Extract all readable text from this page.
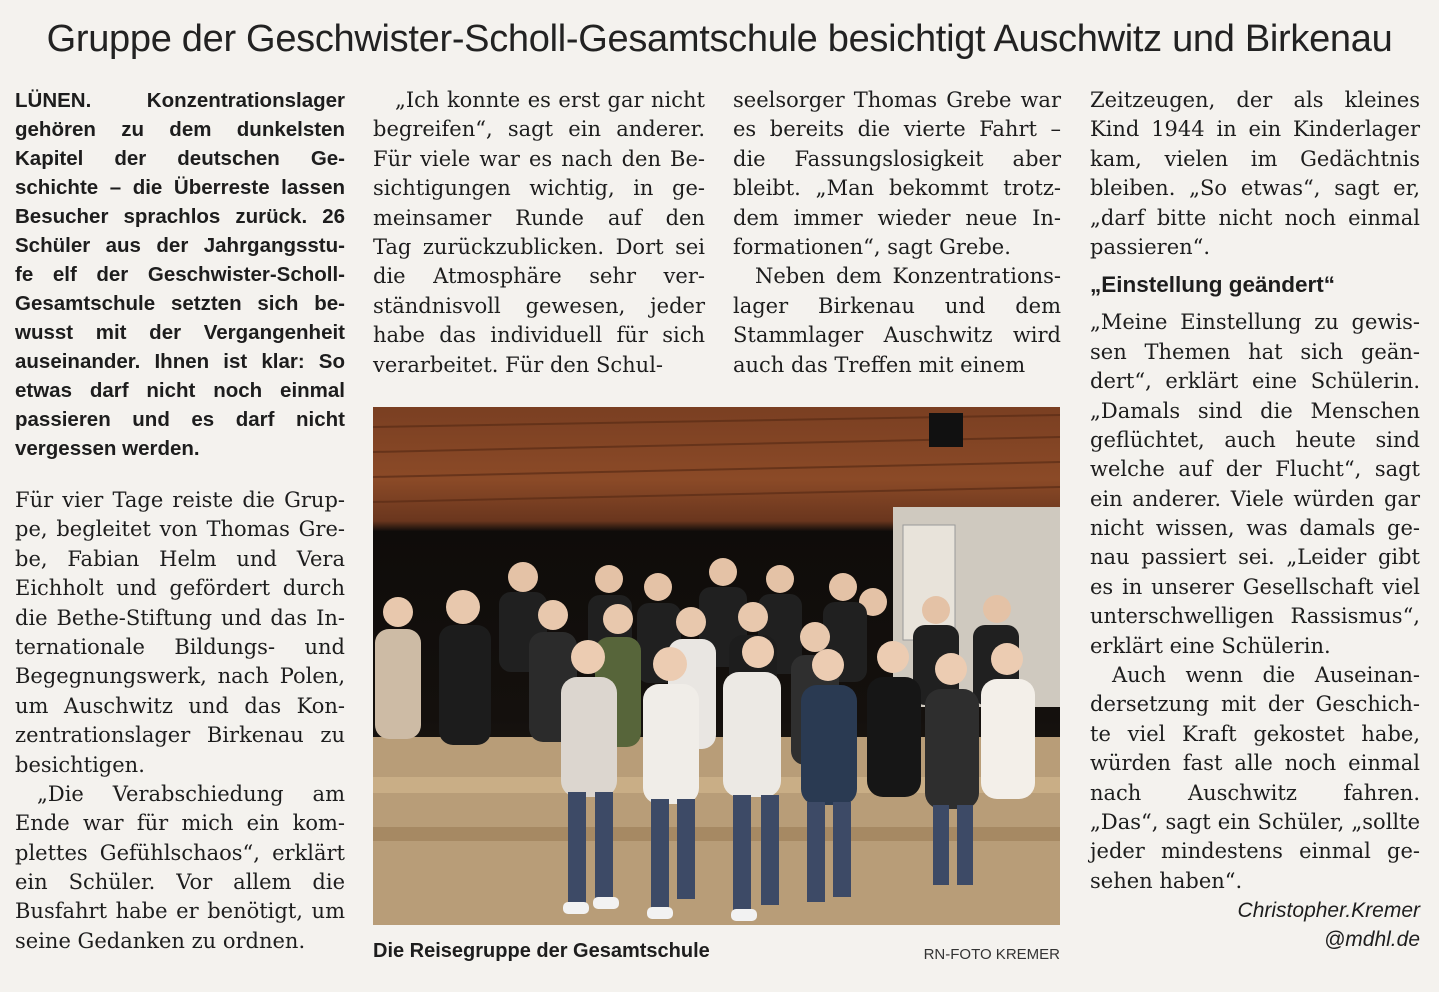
Gruppe der Geschwister-Scholl-Gesamtschule besichtigt Auschwitz und Birkenau
LÜNEN. Konzentrationslager
gehören zu dem dunkelsten
Kapitel der deutschen Ge-
schichte – die Überreste lassen
Besucher sprachlos zurück. 26
Schüler aus der Jahrgangsstu-
fe elf der Geschwister-Scholl-
Gesamtschule setzten sich be-
wusst mit der Vergangenheit
auseinander. Ihnen ist klar: So
etwas darf nicht noch einmal
passieren und es darf nicht
vergessen werden.
Für vier Tage reiste die Grup-
pe, begleitet von Thomas Gre-
be, Fabian Helm und Vera
Eichholt und gefördert durch
die Bethe-Stiftung und das In-
ternationale Bildungs- und
Begegnungswerk, nach Polen,
um Auschwitz und das Kon-
zentrationslager Birkenau zu
besichtigen.
„Die Verabschiedung am
Ende war für mich ein kom-
plettes Gefühlschaos“, erklärt
ein Schüler. Vor allem die
Busfahrt habe er benötigt, um
seine Gedanken zu ordnen.
„Ich konnte es erst gar nicht
begreifen“, sagt ein anderer.
Für viele war es nach den Be-
sichtigungen wichtig, in ge-
meinsamer Runde auf den
Tag zurückzublicken. Dort sei
die Atmosphäre sehr ver-
ständnisvoll gewesen, jeder
habe das individuell für sich
verarbeitet. Für den Schul-
seelsorger Thomas Grebe war
es bereits die vierte Fahrt –
die Fassungslosigkeit aber
bleibt. „Man bekommt trotz-
dem immer wieder neue In-
formationen“, sagt Grebe.
Neben dem Konzentrations-
lager Birkenau und dem
Stammlager Auschwitz wird
auch das Treffen mit einem
Zeitzeugen, der als kleines
Kind 1944 in ein Kinderlager
kam, vielen im Gedächtnis
bleiben. „So etwas“, sagt er,
„darf bitte nicht noch einmal
passieren“.
„Einstellung geändert“
„Meine Einstellung zu gewis-
sen Themen hat sich geän-
dert“, erklärt eine Schülerin.
„Damals sind die Menschen
geflüchtet, auch heute sind
welche auf der Flucht“, sagt
ein anderer. Viele würden gar
nicht wissen, was damals ge-
nau passiert sei. „Leider gibt
es in unserer Gesellschaft viel
unterschwelligen Rassismus“,
erklärt eine Schülerin.
Auch wenn die Auseinan-
dersetzung mit der Geschich-
te viel Kraft gekostet habe,
würden fast alle noch einmal
nach Auschwitz fahren.
„Das“, sagt ein Schüler, „sollte
jeder mindestens einmal ge-
sehen haben“.
Christopher.Kremer
@mdhl.de
Die Reisegruppe der Gesamtschule	RN-FOTO KREMER
